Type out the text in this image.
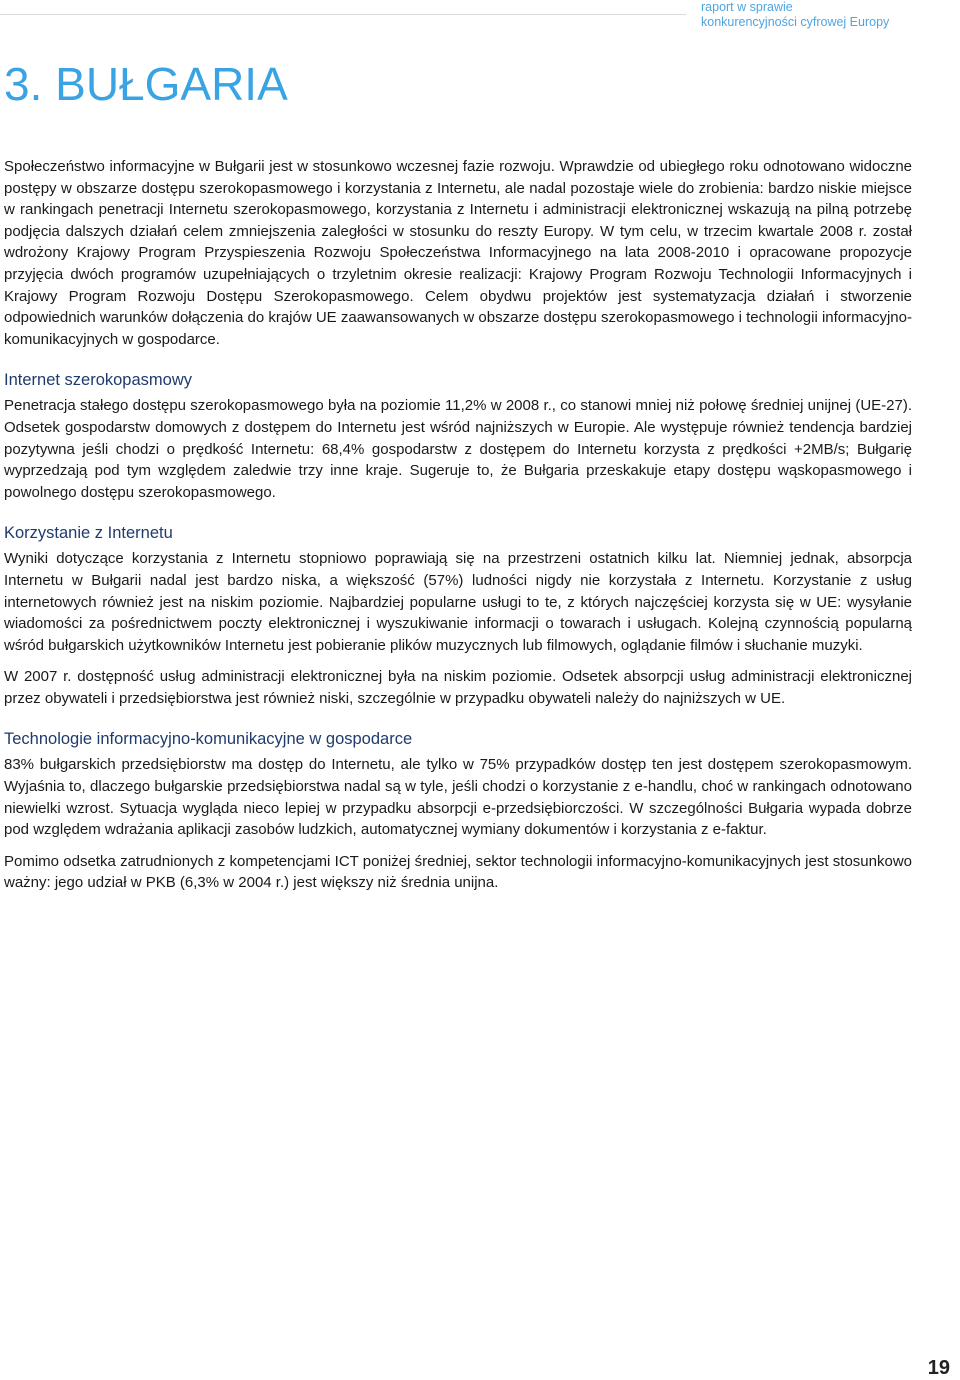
raport w sprawie
konkurencyjności cyfrowej Europy
3. BUŁGARIA

Społeczeństwo informacyjne w Bułgarii jest w stosunkowo wczesnej fazie rozwoju. Wprawdzie od ubiegłego roku odnotowano widoczne postępy w obszarze dostępu szerokopasmowego i korzystania z Internetu, ale nadal pozostaje wiele do zrobienia: bardzo niskie miejsce w rankingach penetracji Internetu szerokopasmowego, korzystania z Internetu i administracji elektronicznej wskazują na pilną potrzebę podjęcia dalszych działań celem zmniejszenia zaległości w stosunku do reszty Europy. W tym celu, w trzecim kwartale 2008 r. został wdrożony Krajowy Program Przyspieszenia Rozwoju Społeczeństwa Informacyjnego na lata 2008-2010 i opracowane propozycje przyjęcia dwóch programów uzupełniających o trzyletnim okresie realizacji: Krajowy Program Rozwoju Technologii Informacyjnych i Krajowy Program Rozwoju Dostępu Szerokopasmowego. Celem obydwu projektów jest systematyzacja działań i stworzenie odpowiednich warunków dołączenia do krajów UE zaawansowanych w obszarze dostępu szerokopasmowego i technologii informacyjno-komunikacyjnych w gospodarce.

Internet szerokopasmowy

Penetracja stałego dostępu szerokopasmowego była na poziomie 11,2% w 2008 r., co stanowi mniej niż połowę średniej unijnej (UE-27). Odsetek gospodarstw domowych z dostępem do Internetu jest wśród najniższych w Europie. Ale występuje również tendencja bardziej pozytywna jeśli chodzi o prędkość Internetu: 68,4% gospodarstw z dostępem do Internetu korzysta z prędkości +2MB/s; Bułgarię wyprzedzają pod tym względem zaledwie trzy inne kraje. Sugeruje to, że Bułgaria przeskakuje etapy dostępu wąskopasmowego i powolnego dostępu szerokopasmowego.

Korzystanie z Internetu

Wyniki dotyczące korzystania z Internetu stopniowo poprawiają się na przestrzeni ostatnich kilku lat. Niemniej jednak, absorpcja Internetu w Bułgarii nadal jest bardzo niska, a większość (57%) ludności nigdy nie korzystała z Internetu. Korzystanie z usług internetowych również jest na niskim poziomie. Najbardziej popularne usługi to te, z których najczęściej korzysta się w UE: wysyłanie wiadomości za pośrednictwem poczty elektronicznej i wyszukiwanie informacji o towarach i usługach. Kolejną czynnością popularną wśród bułgarskich użytkowników Internetu jest pobieranie plików muzycznych lub filmowych, oglądanie filmów i słuchanie muzyki.

W 2007 r. dostępność usług administracji elektronicznej była na niskim poziomie. Odsetek absorpcji usług administracji elektronicznej przez obywateli i przedsiębiorstwa jest również niski, szczególnie w przypadku obywateli należy do najniższych w UE.

Technologie informacyjno-komunikacyjne w gospodarce

83% bułgarskich przedsiębiorstw ma dostęp do Internetu, ale tylko w 75% przypadków dostęp ten jest dostępem szerokopasmowym. Wyjaśnia to, dlaczego bułgarskie przedsiębiorstwa nadal są w tyle, jeśli chodzi o korzystanie z e-handlu, choć w rankingach odnotowano niewielki wzrost. Sytuacja wygląda nieco lepiej w przypadku absorpcji e-przedsiębiorczości. W szczególności Bułgaria wypada dobrze pod względem wdrażania aplikacji zasobów ludzkich, automatycznej wymiany dokumentów i korzystania z e-faktur.

Pomimo odsetka zatrudnionych z kompetencjami ICT poniżej średniej, sektor technologii informacyjno-komunikacyjnych jest stosunkowo ważny: jego udział w PKB (6,3% w 2004 r.) jest większy niż średnia unijna.

19
